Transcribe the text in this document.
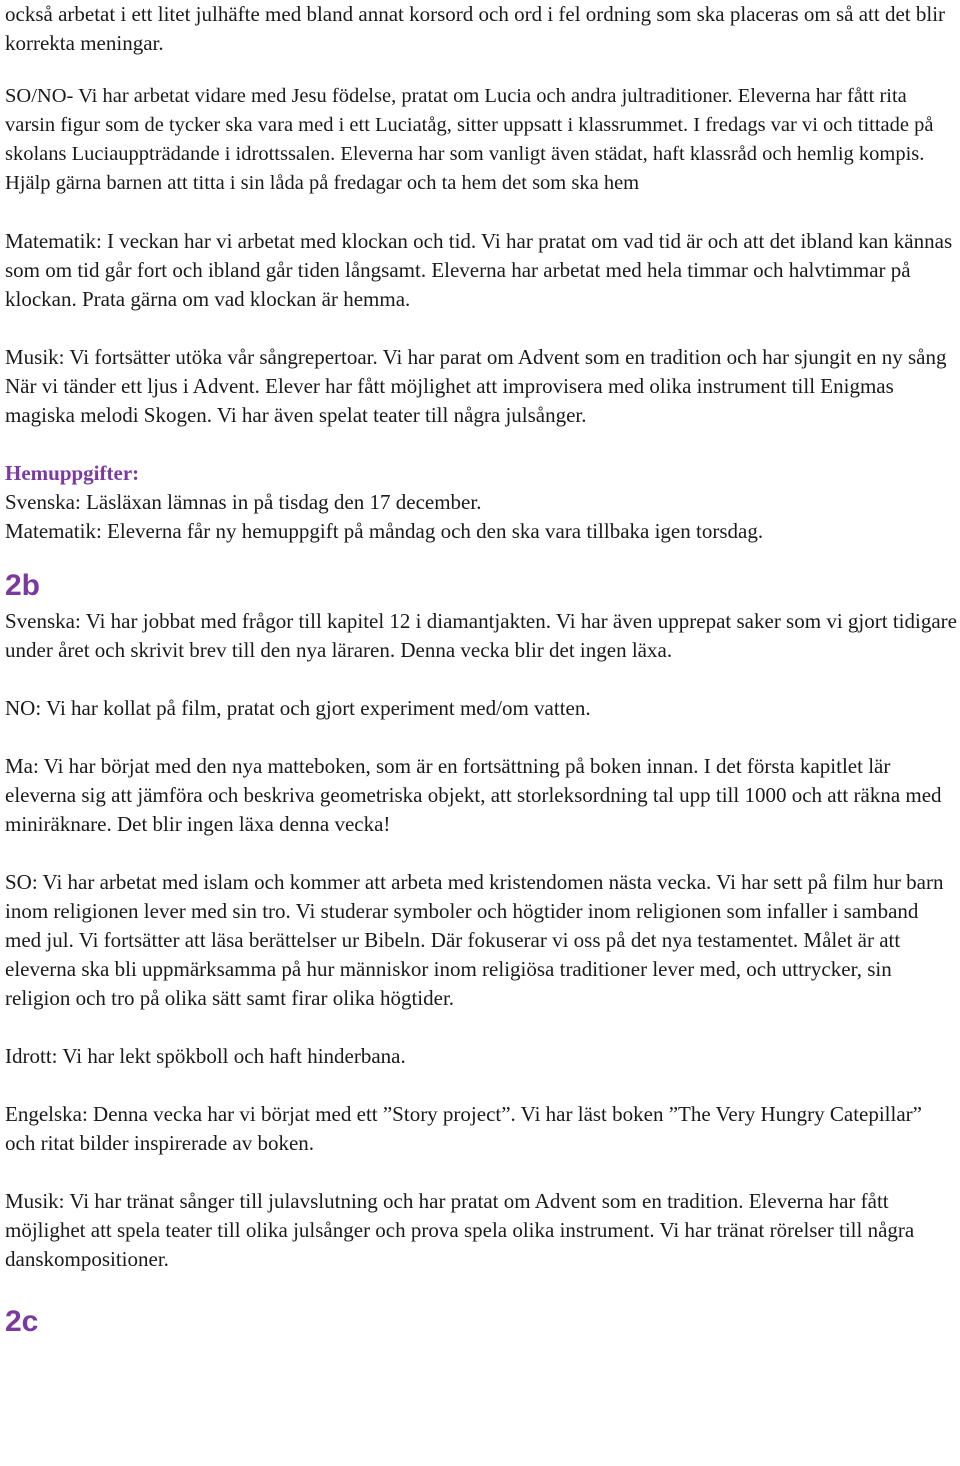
också arbetat i ett litet julhäfte med bland annat korsord och ord i fel ordning som ska placeras om så att det blir korrekta meningar.

SO/NO- Vi har arbetat vidare med Jesu födelse, pratat om Lucia och andra jultraditioner. Eleverna har fått rita varsin figur som de tycker ska vara med i ett Luciatåg, sitter uppsatt i klassrummet. I fredags var vi och tittade på skolans Luciauppträdande i idrottssalen. Eleverna har som vanligt även städat, haft klassråd och hemlig kompis. Hjälp gärna barnen att titta i sin låda på fredagar och ta hem det som ska hem

Matematik: I veckan har vi arbetat med klockan och tid. Vi har pratat om vad tid är och att det ibland kan kännas som om tid går fort och ibland går tiden långsamt. Eleverna har arbetat med hela timmar och halvtimmar på klockan. Prata gärna om vad klockan är hemma.

Musik: Vi fortsätter utöka vår sångrepertoar. Vi har parat om Advent som en tradition och har sjungit en ny sång När vi tänder ett ljus i Advent. Elever har fått möjlighet att improvisera med olika instrument till Enigmas magiska melodi Skogen. Vi har även spelat teater till några julsånger.

Hemuppgifter:

Svenska: Läsläxan lämnas in på tisdag den 17 december.

Matematik: Eleverna får ny hemuppgift på måndag och den ska vara tillbaka igen torsdag.

2b

Svenska: Vi har jobbat med frågor till kapitel 12 i diamantjakten. Vi har även upprepat saker som vi gjort tidigare under året och skrivit brev till den nya läraren. Denna vecka blir det ingen läxa.

NO: Vi har kollat på film, pratat och gjort experiment med/om vatten.

Ma: Vi har börjat med den nya matteboken, som är en fortsättning på boken innan. I det första kapitlet lär eleverna sig att jämföra och beskriva geometriska objekt, att storleksordning tal upp till 1000 och att räkna med miniräknare. Det blir ingen läxa denna vecka!

SO: Vi har arbetat med islam och kommer att arbeta med kristendomen nästa vecka. Vi har sett på film hur barn inom religionen lever med sin tro. Vi studerar symboler och högtider inom religionen som infaller i samband med jul. Vi fortsätter att läsa berättelser ur Bibeln. Där fokuserar vi oss på det nya testamentet. Målet är att eleverna ska bli uppmärksamma på hur människor inom religiösa traditioner lever med, och uttrycker, sin religion och tro på olika sätt samt firar olika högtider.

Idrott: Vi har lekt spökboll och haft hinderbana.

Engelska: Denna vecka har vi börjat med ett ”Story project”. Vi har läst boken ”The Very Hungry Catepillar” och ritat bilder inspirerade av boken.

Musik: Vi har tränat sånger till julavslutning och har pratat om Advent som en tradition. Eleverna har fått möjlighet att spela teater till olika julsånger och prova spela olika instrument. Vi har tränat rörelser till några danskompositioner.

2c
